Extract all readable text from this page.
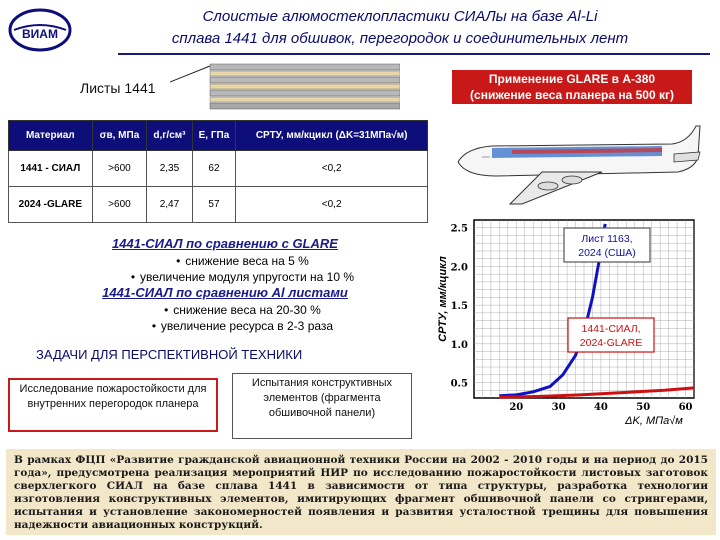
ВИАМ
Слоистые алюмостеклопластики СИАЛы на базе Al-Li
сплава 1441 для обшивок, перегородок и соединительных лент
Листы 1441
Применение GLARE в А-380
(снижение веса планера на 500 кг)
Материал	σв, МПа	d,г/см³	E, ГПа	СРТУ, мм/кцикл (ΔK=31МПа√м)
1441 - СИАЛ	>600	2,35	62	<0,2
2024 -GLARE	>600	2,47	57	<0,2
1441-СИАЛ по сравнению с GLARE
• снижение веса на 5 %
• увеличение модуля упругости на 10 %
1441-СИАЛ по сравнению Al листами
• снижение веса на 20-30 %
• увеличение ресурса в 2-3 раза
ЗАДАЧИ ДЛЯ ПЕРСПЕКТИВНОЙ ТЕХНИКИ
Исследование пожаростойкости для внутренних перегородок планера
Испытания конструктивных элементов (фрагмента обшивочной панели)	20	30	40	50	60
0.5
1.0
1.5
2.0
2.5
ΔK, МПа√м
СРТУ, мм/кцикл
Лист 1163,
2024 (США)
1441-СИАЛ,
2024-GLARE
В рамках ФЦП «Развитие гражданской авиационной техники России на 2002 - 2010 годы и на период до 2015 года», предусмотрена реализация мероприятий НИР по исследованию пожаростойкости листовых заготовок сверхлегкого СИАЛ на базе сплава 1441 в зависимости от типа структуры, разработка технологии изготовления конструктивных элементов, имитирующих фрагмент обшивочной панели со стрингерами, испытания и установление закономерностей появления и развития усталостной трещины для повышения надежности авиационных конструкций.
